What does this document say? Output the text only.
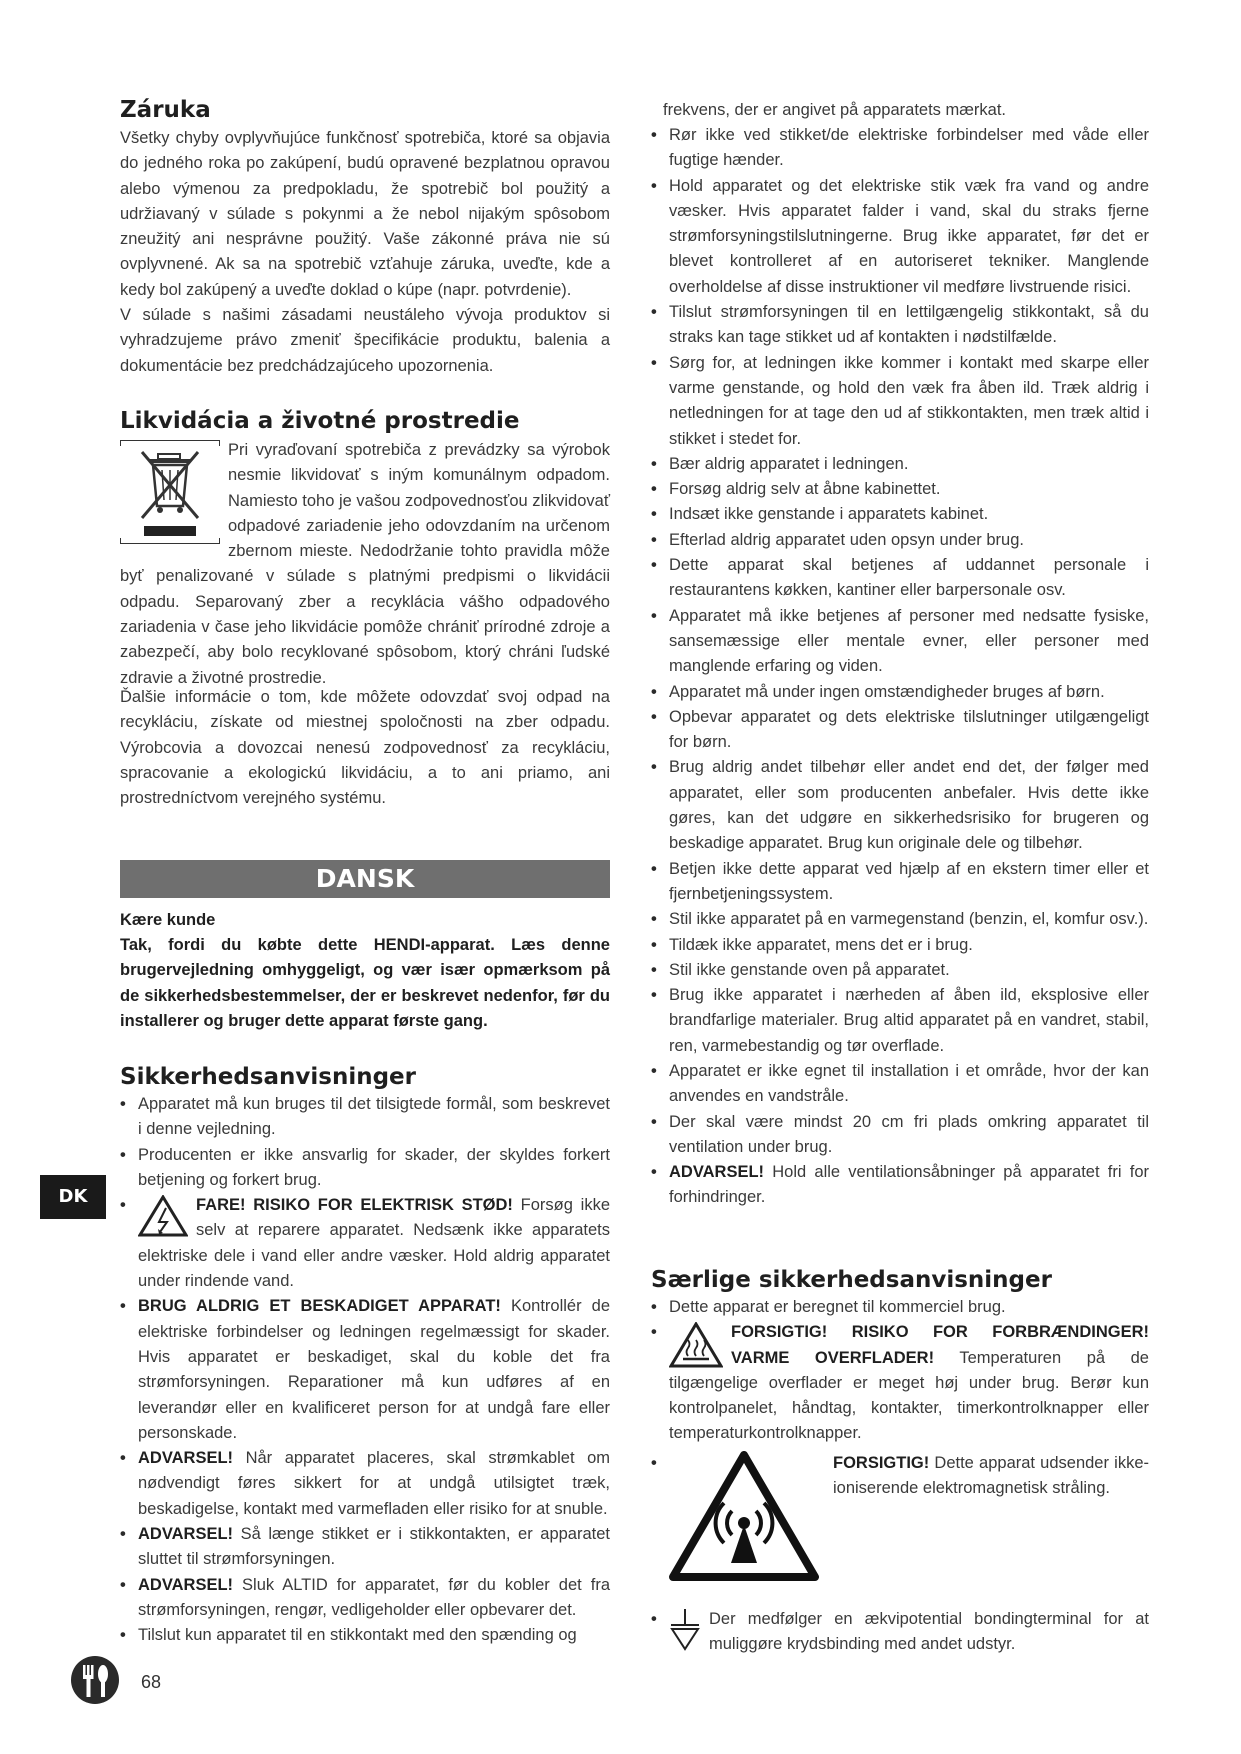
Záruka

Všetky chyby ovplyvňujúce funkčnosť spotrebiča, ktoré sa objavia do jedného roka po zakúpení, budú opravené bezplatnou opravou alebo výmenou za predpokladu, že spotrebič bol použitý a udržiavaný v súlade s pokynmi a že nebol nijakým spôsobom zneužitý ani nesprávne použitý. Vaše zákonné práva nie sú ovplyvnené. Ak sa na spotrebič vzťahuje záruka, uveďte, kde a kedy bol zakúpený a uveďte doklad o kúpe (napr. potvrdenie).

V súlade s našimi zásadami neustáleho vývoja produktov si vyhradzujeme právo zmeniť špecifikácie produktu, balenia a dokumentácie bez predchádzajúceho upozornenia.

Likvidácia a životné prostredie

Pri vyraďovaní spotrebiča z prevádzky sa výrobok nesmie likvidovať s iným komunálnym odpadom. Namiesto toho je vašou zodpovednosťou zlikvidovať odpadové zariadenie jeho odovzdaním na určenom zbernom mieste. Nedodržanie tohto pravidla môže byť penalizované v súlade s platnými predpismi o likvidácii odpadu. Separovaný zber a recyklácia vášho odpadového zariadenia v čase jeho likvidácie pomôže chrániť prírodné zdroje a zabezpečí, aby bolo recyklované spôsobom, ktorý chráni ľudské zdravie a životné prostredie.

Ďalšie informácie o tom, kde môžete odovzdať svoj odpad na recykláciu, získate od miestnej spoločnosti na zber odpadu. Výrobcovia a dovozcai nenesú zodpovednosť za recykláciu, spracovanie a ekologickú likvidáciu, a to ani priamo, ani prostredníctvom verejného systému.

DANSK

Kære kunde

Tak, fordi du købte dette HENDI-apparat. Læs denne brugervejledning omhyggeligt, og vær især opmærksom på de sikkerhedsbestemmelser, der er beskrevet nedenfor, før du installerer og bruger dette apparat første gang.

Sikkerhedsanvisninger
• Apparatet må kun bruges til det tilsigtede formål, som beskrevet i denne vejledning.
• Producenten er ikke ansvarlig for skader, der skyldes forkert betjening og forkert brug.
• FARE! RISIKO FOR ELEKTRISK STØD! Forsøg ikke selv at reparere apparatet. Nedsænk ikke apparatets elektriske dele i vand eller andre væsker. Hold aldrig apparatet under rindende vand.
• BRUG ALDRIG ET BESKADIGET APPARAT! Kontrollér de elektriske forbindelser og ledningen regelmæssigt for skader. Hvis apparatet er beskadiget, skal du koble det fra strømforsyningen. Reparationer må kun udføres af en leverandør eller en kvalificeret person for at undgå fare eller personskade.
• ADVARSEL! Når apparatet placeres, skal strømkablet om nødvendigt føres sikkert for at undgå utilsigtet træk, beskadigelse, kontakt med varmefladen eller risiko for at snuble.
• ADVARSEL! Så længe stikket er i stikkontakten, er apparatet sluttet til strømforsyningen.
• ADVARSEL! Sluk ALTID for apparatet, før du kobler det fra strømforsyningen, rengør, vedligeholder eller opbevarer det.
• Tilslut kun apparatet til en stikkontakt med den spænding og

frekvens, der er angivet på apparatets mærkat.

• Rør ikke ved stikket/de elektriske forbindelser med våde eller fugtige hænder.
• Hold apparatet og det elektriske stik væk fra vand og andre væsker. Hvis apparatet falder i vand, skal du straks fjerne strømforsyningstilslutningerne. Brug ikke apparatet, før det er blevet kontrolleret af en autoriseret tekniker. Manglende overholdelse af disse instruktioner vil medføre livstruende risici.
• Tilslut strømforsyningen til en lettilgængelig stikkontakt, så du straks kan tage stikket ud af kontakten i nødstilfælde.
• Sørg for, at ledningen ikke kommer i kontakt med skarpe eller varme genstande, og hold den væk fra åben ild. Træk aldrig i netledningen for at tage den ud af stikkontakten, men træk altid i stikket i stedet for.
• Bær aldrig apparatet i ledningen.
• Forsøg aldrig selv at åbne kabinettet.
• Indsæt ikke genstande i apparatets kabinet.
• Efterlad aldrig apparatet uden opsyn under brug.
• Dette apparat skal betjenes af uddannet personale i restaurantens køkken, kantiner eller barpersonale osv.
• Apparatet må ikke betjenes af personer med nedsatte fysiske, sansemæssige eller mentale evner, eller personer med manglende erfaring og viden.
• Apparatet må under ingen omstændigheder bruges af børn.
• Opbevar apparatet og dets elektriske tilslutninger utilgængeligt for børn.
• Brug aldrig andet tilbehør eller andet end det, der følger med apparatet, eller som producenten anbefaler. Hvis dette ikke gøres, kan det udgøre en sikkerhedsrisiko for brugeren og beskadige apparatet. Brug kun originale dele og tilbehør.
• Betjen ikke dette apparat ved hjælp af en ekstern timer eller et fjernbetjeningssystem.
• Stil ikke apparatet på en varmegenstand (benzin, el, komfur osv.).
• Tildæk ikke apparatet, mens det er i brug.
• Stil ikke genstande oven på apparatet.
• Brug ikke apparatet i nærheden af åben ild, eksplosive eller brandfarlige materialer. Brug altid apparatet på en vandret, stabil, ren, varmebestandig og tør overflade.
• Apparatet er ikke egnet til installation i et område, hvor der kan anvendes en vandstråle.
• Der skal være mindst 20 cm fri plads omkring apparatet til ventilation under brug.
• ADVARSEL! Hold alle ventilationsåbninger på apparatet fri for forhindringer.
Særlige sikkerhedsanvisninger
• Dette apparat er beregnet til kommerciel brug.
• FORSIGTIG! RISIKO FOR FORBRÆNDINGER! VARME OVERFLADER! Temperaturen på de tilgængelige overflader er meget høj under brug. Berør kun kontrolpanelet, håndtag, kontakter, timerkontrolknapper eller temperaturkontrolknapper.
• FORSIGTIG! Dette apparat udsender ikke-ioniserende elektromagnetisk stråling.
• Der medfølger en ækvipotential bondingterminal for at muliggøre krydsbinding med andet udstyr.
DK
68
